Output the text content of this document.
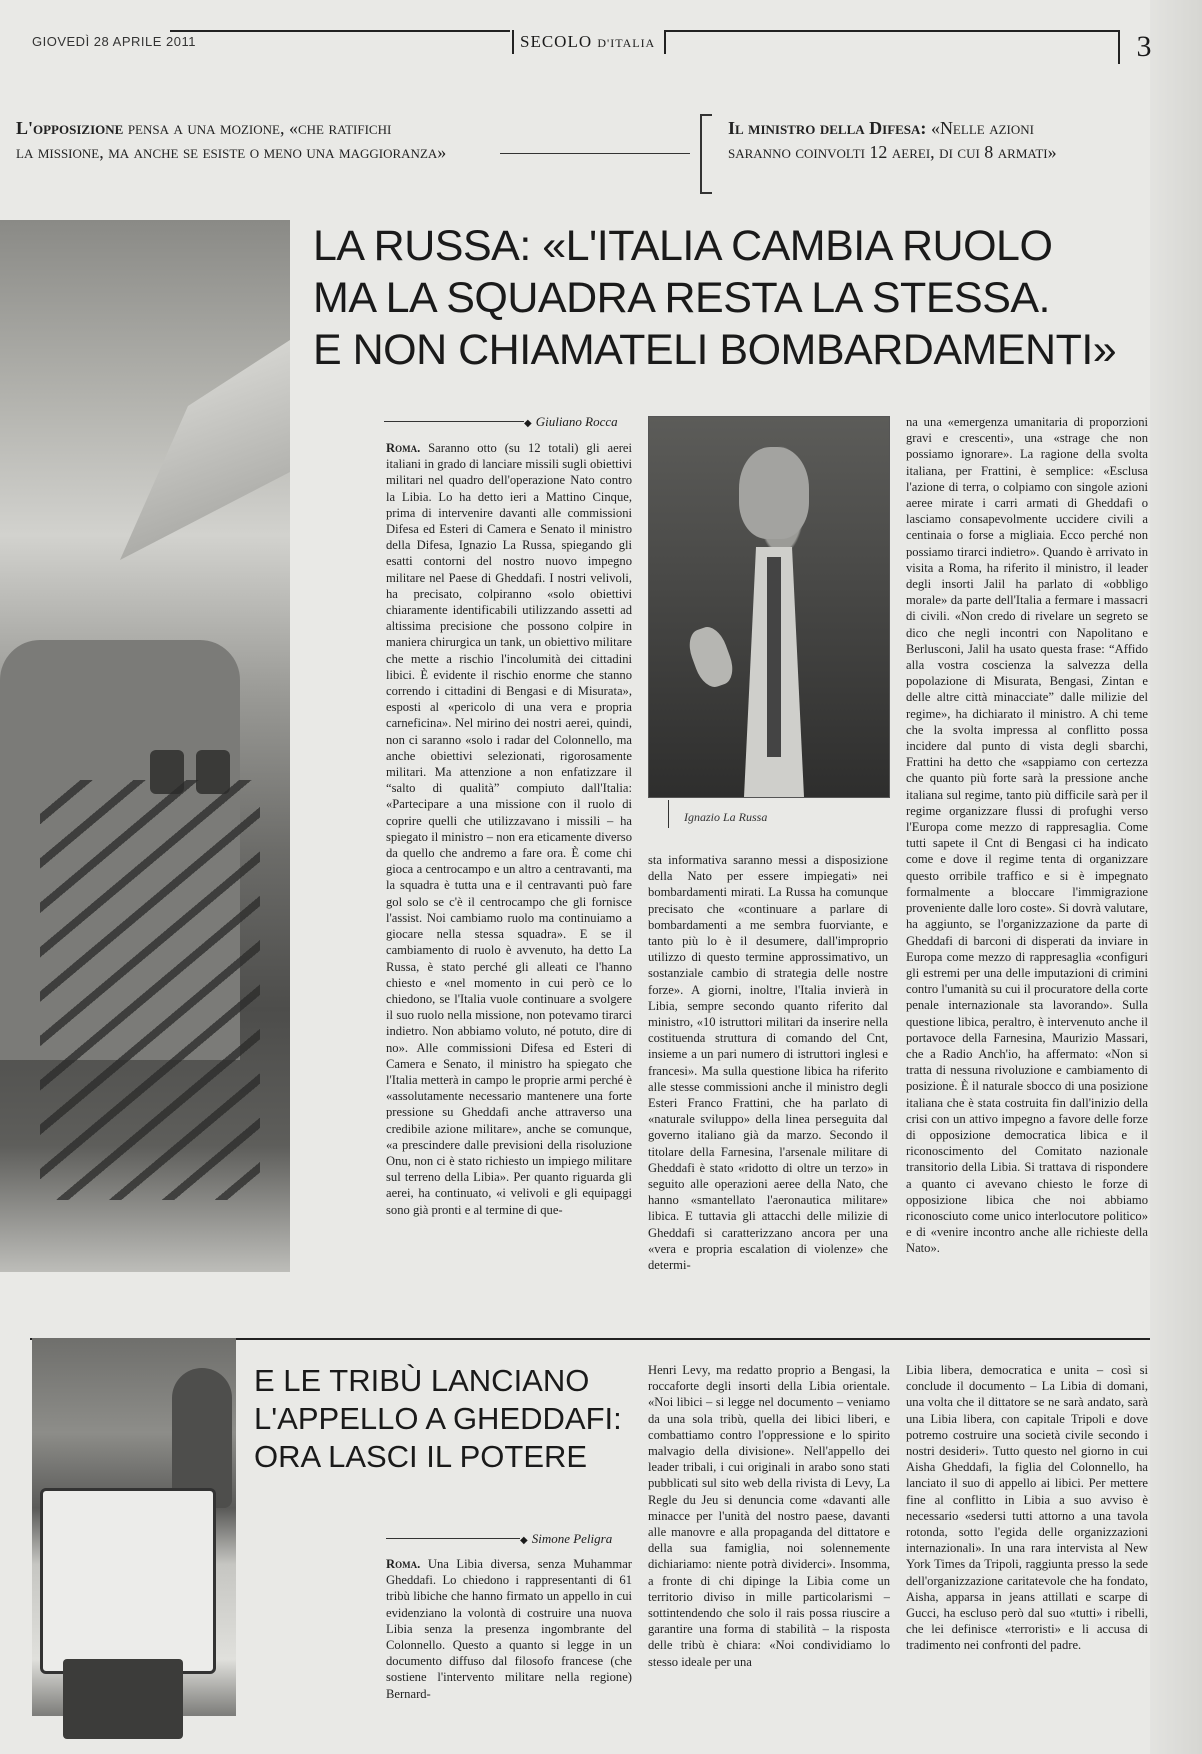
GIOVEDÌ 28 APRILE 2011	SECOLO D'ITALIA	3
L'opposizione pensa a una mozione, «che ratifichi
la missione, ma anche se esiste o meno una maggioranza»
Il ministro della Difesa: «Nelle azioni
saranno coinvolti 12 aerei, di cui 8 armati»
LA RUSSA: «L'ITALIA CAMBIA RUOLO
MA LA SQUADRA RESTA LA STESSA.
E NON CHIAMATELI BOMBARDAMENTI»
◆ Giuliano Rocca
Roma. Saranno otto (su 12 totali) gli aerei italiani in grado di lanciare missili sugli obiettivi militari nel quadro dell'operazione Nato contro la Libia. Lo ha detto ieri a Mattino Cinque, prima di intervenire davanti alle commissioni Difesa ed Esteri di Camera e Senato il ministro della Difesa, Ignazio La Russa, spiegando gli esatti contorni del nostro nuovo impegno militare nel Paese di Gheddafi. I nostri velivoli, ha precisato, colpiranno «solo obiettivi chiaramente identificabili utilizzando assetti ad altissima precisione che possono colpire in maniera chirurgica un tank, un obiettivo militare che mette a rischio l'incolumità dei cittadini libici. È evidente il rischio enorme che stanno correndo i cittadini di Bengasi e di Misurata», esposti al «pericolo di una vera e propria carneficina». Nel mirino dei nostri aerei, quindi, non ci saranno «solo i radar del Colonnello, ma anche obiettivi selezionati, rigorosamente militari. Ma attenzione a non enfatizzare il “salto di qualità” compiuto dall'Italia: «Partecipare a una missione con il ruolo di coprire quelli che utilizzavano i missili – ha spiegato il ministro – non era eticamente diverso da quello che andremo a fare ora. È come chi gioca a centrocampo e un altro a centravanti, ma la squadra è tutta una e il centravanti può fare gol solo se c'è il centrocampo che gli fornisce l'assist. Noi cambiamo ruolo ma continuiamo a giocare nella stessa squadra». E se il cambiamento di ruolo è avvenuto, ha detto La Russa, è stato perché gli alleati ce l'hanno chiesto e «nel momento in cui però ce lo chiedono, se l'Italia vuole continuare a svolgere il suo ruolo nella missione, non potevamo tirarci indietro. Non abbiamo voluto, né potuto, dire di no». Alle commissioni Difesa ed Esteri di Camera e Senato, il ministro ha spiegato che l'Italia metterà in campo le proprie armi perché è «assolutamente necessario mantenere una forte pressione su Gheddafi anche attraverso una credibile azione militare», anche se comunque, «a prescindere dalle previsioni della risoluzione Onu, non ci è stato richiesto un impiego militare sul terreno della Libia». Per quanto riguarda gli aerei, ha continuato, «i velivoli e gli equipaggi sono già pronti e al termine di que-
Ignazio La Russa
sta informativa saranno messi a disposizione della Nato per essere impiegati» nei bombardamenti mirati. La Russa ha comunque precisato che «continuare a parlare di bombardamenti a me sembra fuorviante, e tanto più lo è il desumere, dall'improprio utilizzo di questo termine approssimativo, un sostanziale cambio di strategia delle nostre forze». A giorni, inoltre, l'Italia invierà in Libia, sempre secondo quanto riferito dal ministro, «10 istruttori militari da inserire nella costituenda struttura di comando del Cnt, insieme a un pari numero di istruttori inglesi e francesi». Ma sulla questione libica ha riferito alle stesse commissioni anche il ministro degli Esteri Franco Frattini, che ha parlato di «naturale sviluppo» della linea perseguita dal governo italiano già da marzo. Secondo il titolare della Farnesina, l'arsenale militare di Gheddafi è stato «ridotto di oltre un terzo» in seguito alle operazioni aeree della Nato, che hanno «smantellato l'aeronautica militare» libica. E tuttavia gli attacchi delle milizie di Gheddafi si caratterizzano ancora per una «vera e propria escalation di violenze» che determi-
na una «emergenza umanitaria di proporzioni gravi e crescenti», una «strage che non possiamo ignorare». La ragione della svolta italiana, per Frattini, è semplice: «Esclusa l'azione di terra, o colpiamo con singole azioni aeree mirate i carri armati di Gheddafi o lasciamo consapevolmente uccidere civili a centinaia o forse a migliaia. Ecco perché non possiamo tirarci indietro». Quando è arrivato in visita a Roma, ha riferito il ministro, il leader degli insorti Jalil ha parlato di «obbligo morale» da parte dell'Italia a fermare i massacri di civili. «Non credo di rivelare un segreto se dico che negli incontri con Napolitano e Berlusconi, Jalil ha usato questa frase: “Affido alla vostra coscienza la salvezza della popolazione di Misurata, Bengasi, Zintan e delle altre città minacciate” dalle milizie del regime», ha dichiarato il ministro. A chi teme che la svolta impressa al conflitto possa incidere dal punto di vista degli sbarchi, Frattini ha detto che «sappiamo con certezza che quanto più forte sarà la pressione anche italiana sul regime, tanto più difficile sarà per il regime organizzare flussi di profughi verso l'Europa come mezzo di rappresaglia. Come tutti sapete il Cnt di Bengasi ci ha indicato come e dove il regime tenta di organizzare questo orribile traffico e si è impegnato formalmente a bloccare l'immigrazione proveniente dalle loro coste». Si dovrà valutare, ha aggiunto, se l'organizzazione da parte di Gheddafi di barconi di disperati da inviare in Europa come mezzo di rappresaglia «configuri gli estremi per una delle imputazioni di crimini contro l'umanità su cui il procuratore della corte penale internazionale sta lavorando». Sulla questione libica, peraltro, è intervenuto anche il portavoce della Farnesina, Maurizio Massari, che a Radio Anch'io, ha affermato: «Non si tratta di nessuna rivoluzione e cambiamento di posizione. È il naturale sbocco di una posizione italiana che è stata costruita fin dall'inizio della crisi con un attivo impegno a favore delle forze di opposizione democratica libica e il riconoscimento del Comitato nazionale transitorio della Libia. Si trattava di rispondere a quanto ci avevano chiesto le forze di opposizione libica che noi abbiamo riconosciuto come unico interlocutore politico» e di «venire incontro anche alle richieste della Nato».
E LE TRIBÙ LANCIANO
L'APPELLO A GHEDDAFI:
ORA LASCI IL POTERE
◆ Simone Peligra
Roma. Una Libia diversa, senza Muhammar Gheddafi. Lo chiedono i rappresentanti di 61 tribù libiche che hanno firmato un appello in cui evidenziano la volontà di costruire una nuova Libia senza la presenza ingombrante del Colonnello. Questo a quanto si legge in un documento diffuso dal filosofo francese (che sostiene l'intervento militare nella regione) Bernard-
Henri Levy, ma redatto proprio a Bengasi, la roccaforte degli insorti della Libia orientale. «Noi libici – si legge nel documento – veniamo da una sola tribù, quella dei libici liberi, e combattiamo contro l'oppressione e lo spirito malvagio della divisione». Nell'appello dei leader tribali, i cui originali in arabo sono stati pubblicati sul sito web della rivista di Levy, La Regle du Jeu si denuncia come «davanti alle minacce per l'unità del nostro paese, davanti alle manovre e alla propaganda del dittatore e della sua famiglia, noi solennemente dichiariamo: niente potrà dividerci». Insomma, a fronte di chi dipinge la Libia come un territorio diviso in mille particolarismi – sottintendendo che solo il rais possa riuscire a garantire una forma di stabilità – la risposta delle tribù è chiara: «Noi condividiamo lo stesso ideale per una
Libia libera, democratica e unita – così si conclude il documento – La Libia di domani, una volta che il dittatore se ne sarà andato, sarà una Libia libera, con capitale Tripoli e dove potremo costruire una società civile secondo i nostri desideri». Tutto questo nel giorno in cui Aisha Gheddafi, la figlia del Colonnello, ha lanciato il suo di appello ai libici. Per mettere fine al conflitto in Libia a suo avviso è necessario «sedersi tutti attorno a una tavola rotonda, sotto l'egida delle organizzazioni internazionali». In una rara intervista al New York Times da Tripoli, raggiunta presso la sede dell'organizzazione caritatevole che ha fondato, Aisha, apparsa in jeans attillati e scarpe di Gucci, ha escluso però dal suo «tutti» i ribelli, che lei definisce «terroristi» e li accusa di tradimento nei confronti del padre.
